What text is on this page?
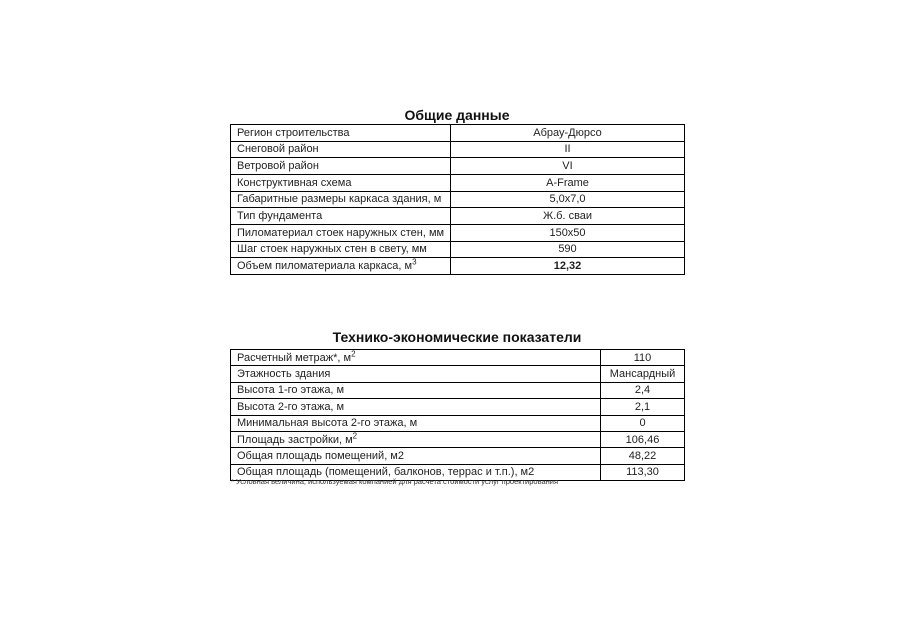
Общие данные
Регион строительства	Абрау-Дюрсо
Снеговой район	II
Ветровой район	VI
Конструктивная схема	A-Frame
Габаритные размеры каркаса здания, м	5,0x7,0
Тип фундамента	Ж.б. сваи
Пиломатериал стоек наружных стен, мм	150x50
Шаг стоек наружных стен в свету, мм	590
Объем пиломатериала каркаса, $м^3$	12,32
Технико-экономические показатели
Расчетный метраж*, $м^2$	110
Этажность здания	Мансардный
Высота 1-го этажа, м	2,4
Высота 2-го этажа, м	2,1
Минимальная высота 2-го этажа, м	0
Площадь застройки, $м^2$	106,46
Общая площадь помещений, м2	48,22
Общая площадь (помещений, балконов, террас и т.п.), м2	113,30
* Условная величина, используемая компанией для расчета стоимости услуг проектирования
